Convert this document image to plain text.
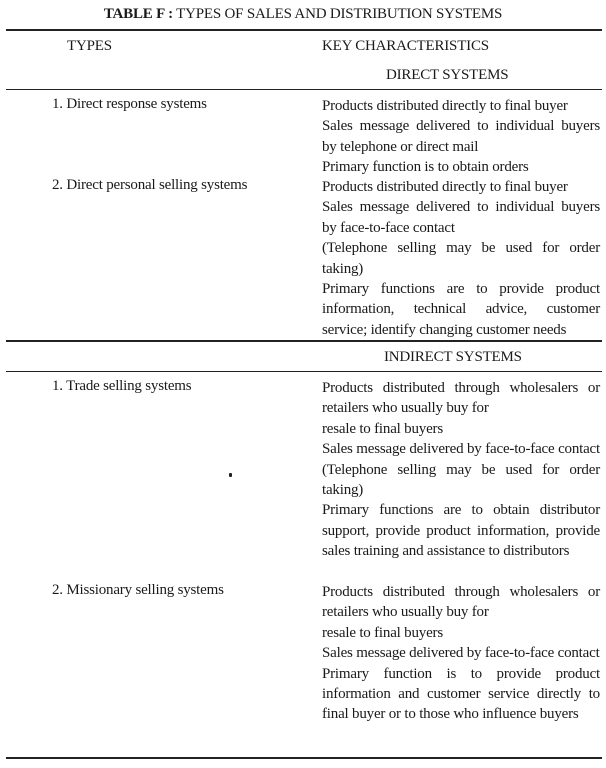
TABLE F : TYPES OF SALES AND DISTRIBUTION SYSTEMS
TYPES	KEY CHARACTERISTICS
DIRECT SYSTEMS
1. Direct response systems	Products distributed directly to final buyer
Sales message delivered to individual buyers by telephone or direct mail
Primary function is to obtain orders
2. Direct personal selling systems	Products distributed directly to final buyer
Sales message delivered to individual buyers by face-to-face contact
(Telephone selling may be used for order taking)
Primary functions are to provide product information, technical advice, customer service; identify changing customer needs
INDIRECT SYSTEMS
1. Trade selling systems	Products distributed through wholesalers or retailers who usually buy for
resale to final buyers
Sales message delivered by face-to-face contact (Telephone selling may be used for order taking)
Primary functions are to obtain distributor support, provide product information, provide sales training and assistance to distributors
2. Missionary selling systems	Products distributed through wholesalers or retailers who usually buy for
resale to final buyers
Sales message delivered by face-to-face contact
Primary function is to provide product information and customer service directly to final buyer or to those who influence buyers
